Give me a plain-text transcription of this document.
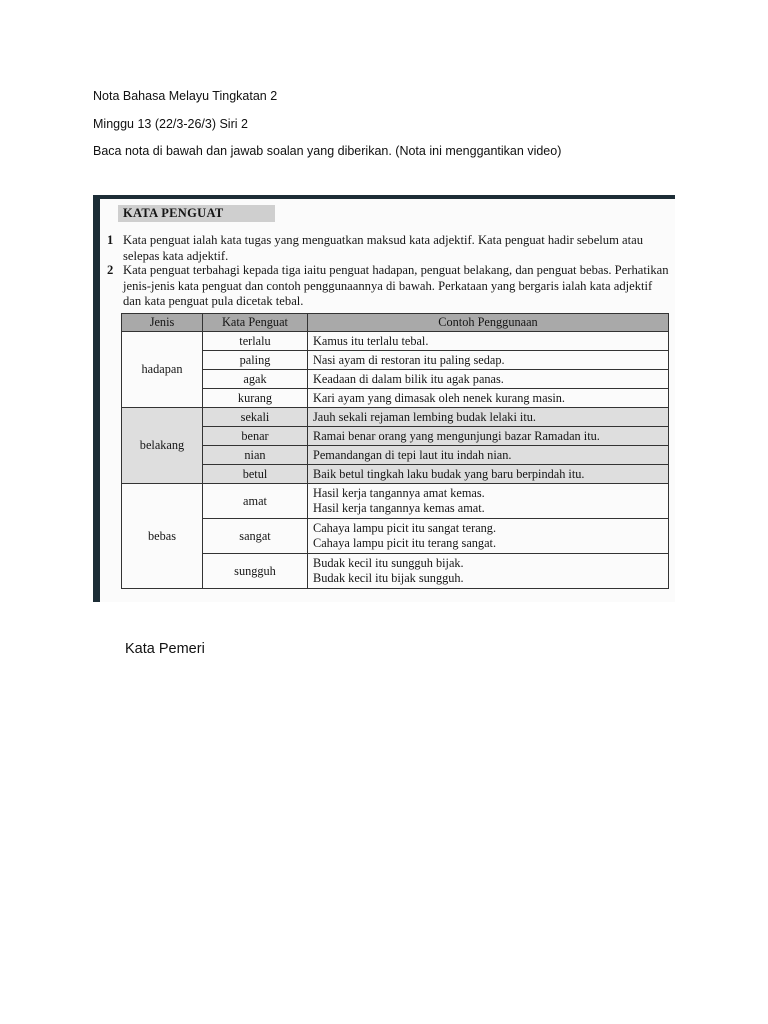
Nota Bahasa Melayu Tingkatan 2
Minggu 13 (22/3-26/3) Siri 2
Baca nota di bawah dan jawab soalan yang diberikan. (Nota ini menggantikan video)
KATA PENGUAT
1 Kata penguat ialah kata tugas yang menguatkan maksud kata adjektif. Kata penguat hadir sebelum atau selepas kata adjektif.
2 Kata penguat terbahagi kepada tiga iaitu penguat hadapan, penguat belakang, dan penguat bebas. Perhatikan jenis-jenis kata penguat dan contoh penggunaannya di bawah. Perkataan yang bergaris ialah kata adjektif dan kata penguat pula dicetak tebal.
Jenis	Kata Penguat	Contoh Penggunaan
hadapan	terlalu	Kamus itu terlalu tebal.

	paling	Nasi ayam di restoran itu paling sedap.

	agak	Keadaan di dalam bilik itu agak panas.

	kurang	Kari ayam yang dimasak oleh nenek kurang masin.

belakang	sekali	Jauh sekali rejaman lembing budak lelaki itu.

	benar	Ramai benar orang yang mengunjungi bazar Ramadan itu.

	nian	Pemandangan di tepi laut itu indah nian.

	betul	Baik betul tingkah laku budak yang baru berpindah itu.

bebas	amat	Hasil kerja tangannya amat kemas.
Hasil kerja tangannya kemas amat.

	sangat	Cahaya lampu picit itu sangat terang.
Cahaya lampu picit itu terang sangat.

	sungguh	Budak kecil itu sungguh bijak.
Budak kecil itu bijak sungguh.
Kata Pemeri
